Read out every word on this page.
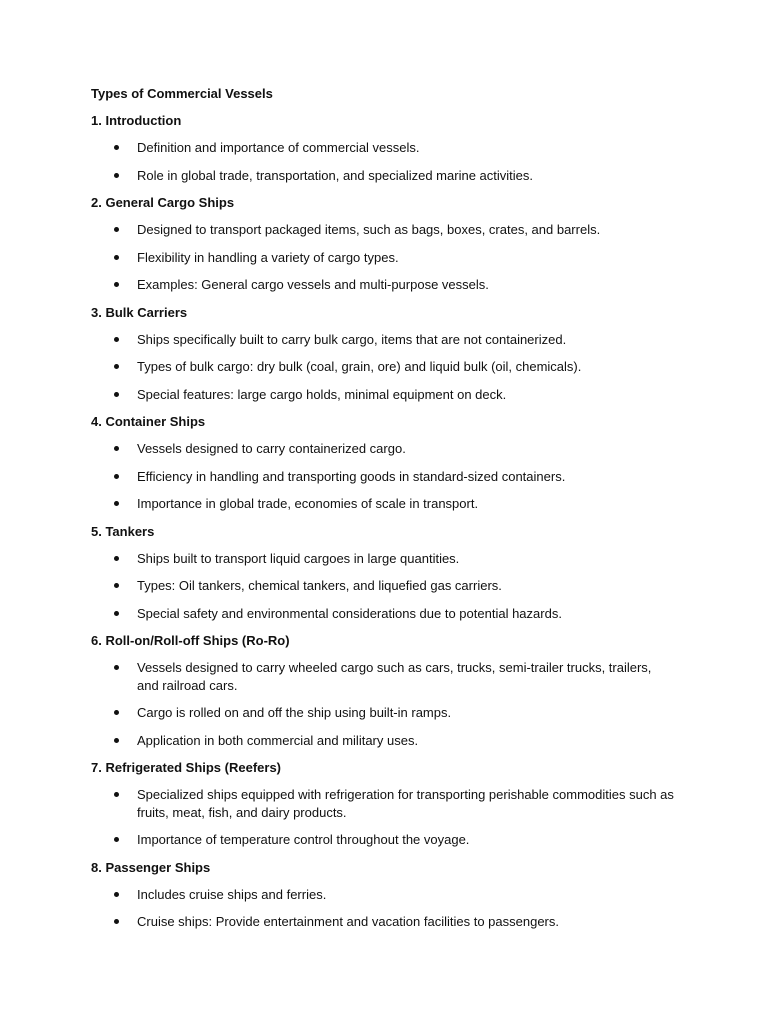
Types of Commercial Vessels
1. Introduction
Definition and importance of commercial vessels.
Role in global trade, transportation, and specialized marine activities.
2. General Cargo Ships
Designed to transport packaged items, such as bags, boxes, crates, and barrels.
Flexibility in handling a variety of cargo types.
Examples: General cargo vessels and multi-purpose vessels.
3. Bulk Carriers
Ships specifically built to carry bulk cargo, items that are not containerized.
Types of bulk cargo: dry bulk (coal, grain, ore) and liquid bulk (oil, chemicals).
Special features: large cargo holds, minimal equipment on deck.
4. Container Ships
Vessels designed to carry containerized cargo.
Efficiency in handling and transporting goods in standard-sized containers.
Importance in global trade, economies of scale in transport.
5. Tankers
Ships built to transport liquid cargoes in large quantities.
Types: Oil tankers, chemical tankers, and liquefied gas carriers.
Special safety and environmental considerations due to potential hazards.
6. Roll-on/Roll-off Ships (Ro-Ro)
Vessels designed to carry wheeled cargo such as cars, trucks, semi-trailer trucks, trailers, and railroad cars.
Cargo is rolled on and off the ship using built-in ramps.
Application in both commercial and military uses.
7. Refrigerated Ships (Reefers)
Specialized ships equipped with refrigeration for transporting perishable commodities such as fruits, meat, fish, and dairy products.
Importance of temperature control throughout the voyage.
8. Passenger Ships
Includes cruise ships and ferries.
Cruise ships: Provide entertainment and vacation facilities to passengers.
